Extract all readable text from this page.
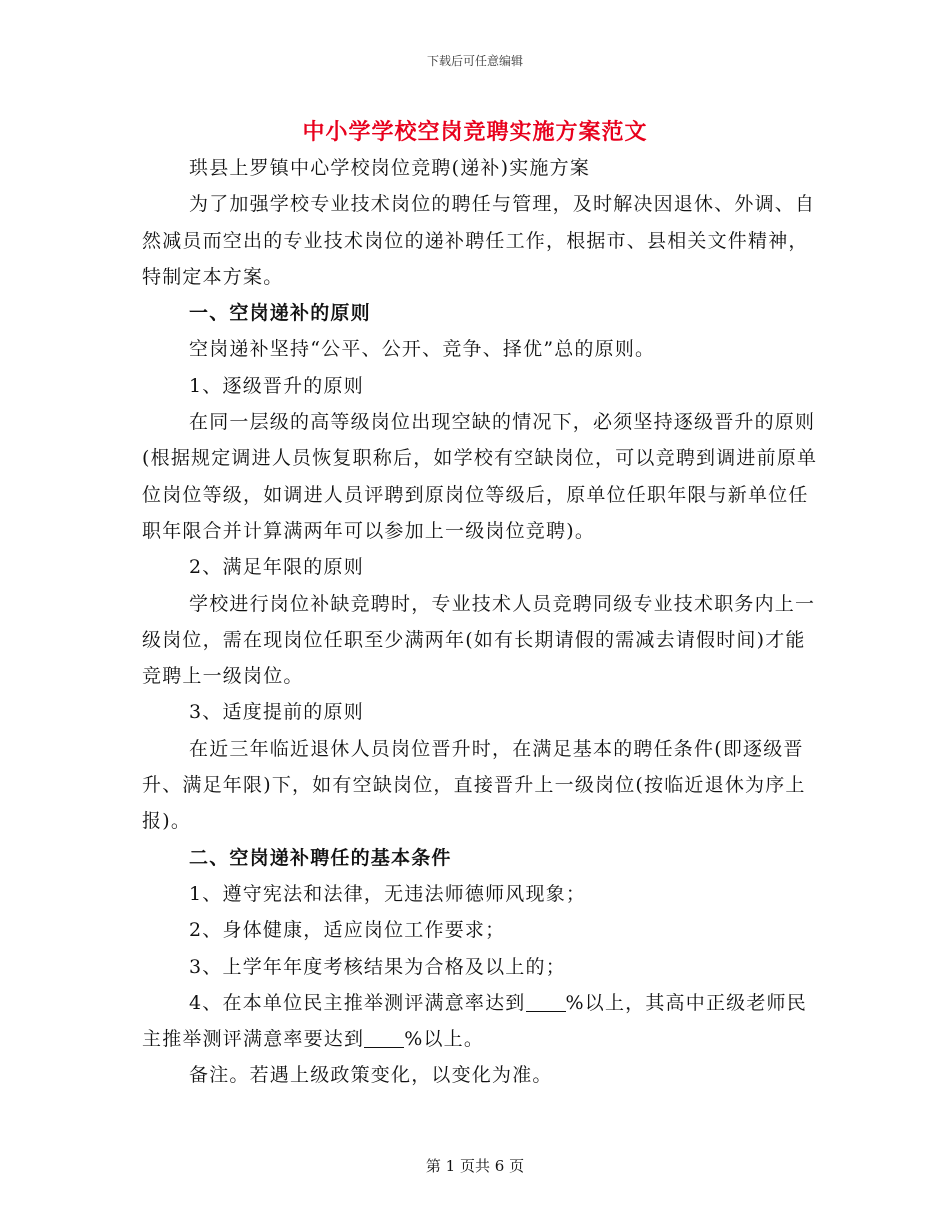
下载后可任意编辑
中小学学校空岗竞聘实施方案范文

珙县上罗镇中心学校岗位竞聘(递补)实施方案

为了加强学校专业技术岗位的聘任与管理，及时解决因退休、外调、自然减员而空出的专业技术岗位的递补聘任工作，根据市、县相关文件精神，特制定本方案。

一、空岗递补的原则

空岗递补坚持“公平、公开、竞争、择优”总的原则。

1、逐级晋升的原则

在同一层级的高等级岗位出现空缺的情况下，必须坚持逐级晋升的原则(根据规定调进人员恢复职称后，如学校有空缺岗位，可以竞聘到调进前原单位岗位等级，如调进人员评聘到原岗位等级后，原单位任职年限与新单位任职年限合并计算满两年可以参加上一级岗位竞聘)。

2、满足年限的原则

学校进行岗位补缺竞聘时，专业技术人员竞聘同级专业技术职务内上一级岗位，需在现岗位任职至少满两年(如有长期请假的需减去请假时间)才能竞聘上一级岗位。

3、适度提前的原则

在近三年临近退休人员岗位晋升时，在满足基本的聘任条件(即逐级晋升、满足年限)下，如有空缺岗位，直接晋升上一级岗位(按临近退休为序上报)。

二、空岗递补聘任的基本条件

1、遵守宪法和法律，无违法师德师风现象；

2、身体健康，适应岗位工作要求；

3、上学年年度考核结果为合格及以上的；

4、在本单位民主推举测评满意率达到 %以上，其高中正级老师民主推举测评满意率要达到 %以上。

备注。若遇上级政策变化，以变化为准。

第 1 页共 6 页
